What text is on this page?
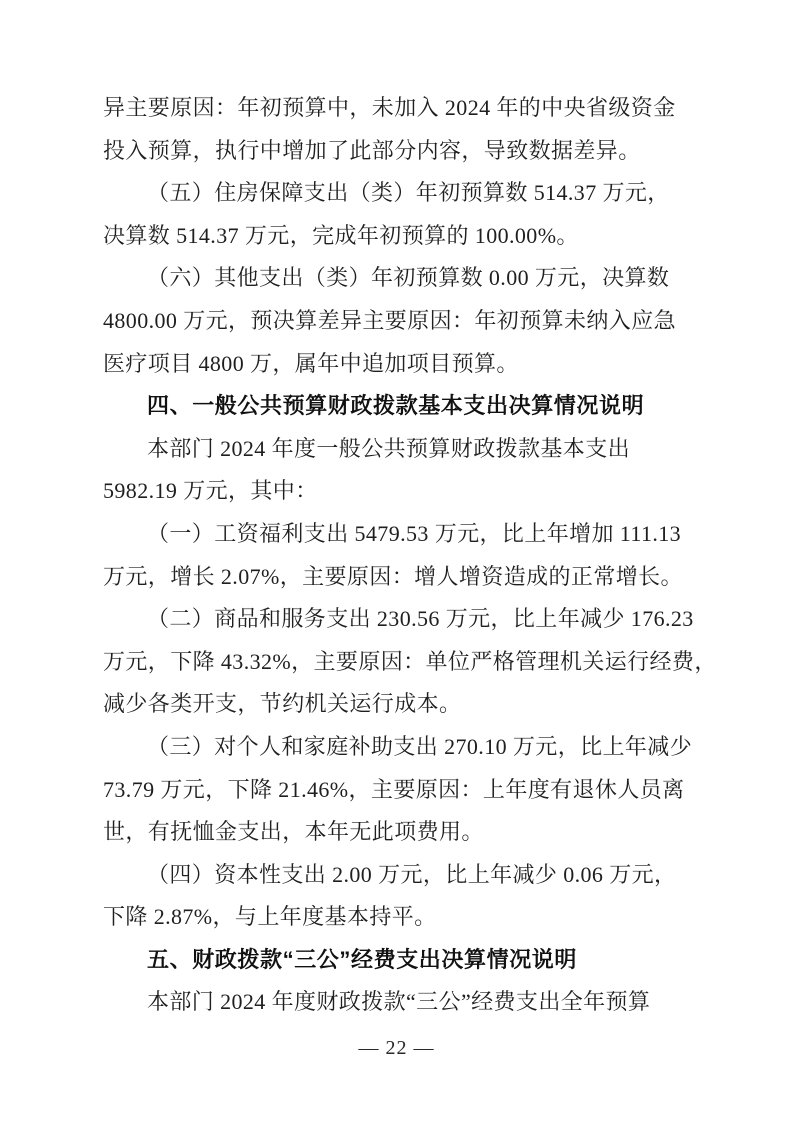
异主要原因：年初预算中，未加入 2024 年的中央省级资金
投入预算，执行中增加了此部分内容，导致数据差异。
（五）住房保障支出（类）年初预算数 514.37 万元，
决算数 514.37 万元，完成年初预算的 100.00%。
（六）其他支出（类）年初预算数 0.00 万元，决算数
4800.00 万元，预决算差异主要原因：年初预算未纳入应急
医疗项目 4800 万，属年中追加项目预算。
四、一般公共预算财政拨款基本支出决算情况说明
本部门 2024 年度一般公共预算财政拨款基本支出
5982.19 万元，其中：
（一）工资福利支出 5479.53 万元，比上年增加 111.13
万元，增长 2.07%，主要原因：增人增资造成的正常增长。
（二）商品和服务支出 230.56 万元，比上年减少 176.23
万元，下降 43.32%，主要原因：单位严格管理机关运行经费，
减少各类开支，节约机关运行成本。
（三）对个人和家庭补助支出 270.10 万元，比上年减少
73.79 万元，下降 21.46%，主要原因：上年度有退休人员离
世，有抚恤金支出，本年无此项费用。
（四）资本性支出 2.00 万元，比上年减少 0.06 万元，
下降 2.87%，与上年度基本持平。
五、财政拨款“三公”经费支出决算情况说明
本部门 2024 年度财政拨款“三公”经费支出全年预算
— 22 —
